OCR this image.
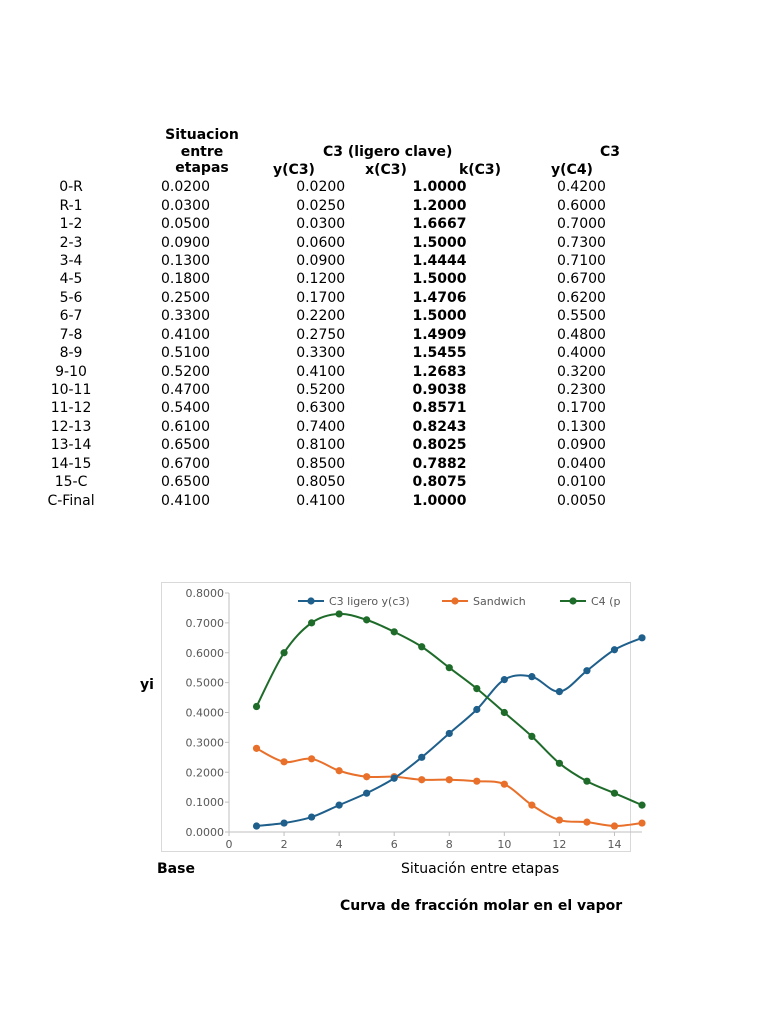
Situacion
entre
etapas
C3 (ligero clave)	C3
y(C3)	x(C3)	k(C3)	y(C4)
0-R	0.0200		0.0200		1.0000			0.4200
R-1	0.0300		0.0250		1.2000			0.6000
1-2	0.0500		0.0300		1.6667			0.7000
2-3	0.0900		0.0600		1.5000			0.7300
3-4	0.1300		0.0900		1.4444			0.7100
4-5	0.1800		0.1200		1.5000			0.6700
5-6	0.2500		0.1700		1.4706			0.6200
6-7	0.3300		0.2200		1.5000			0.5500
7-8	0.4100		0.2750		1.4909			0.4800
8-9	0.5100		0.3300		1.5455			0.4000
9-10	0.5200		0.4100		1.2683			0.3200
10-11	0.4700		0.5200		0.9038			0.2300
11-12	0.5400		0.6300		0.8571			0.1700
12-13	0.6100		0.7400		0.8243			0.1300
13-14	0.6500		0.8100		0.8025			0.0900
14-15	0.6700		0.8500		0.7882			0.0400
15-C	0.6500		0.8050		0.8075			0.0100
C-Final	0.4100		0.4100		1.0000			0.0050
0.0000
0.1000
0.2000
0.3000
0.4000
0.5000
0.6000
0.7000
0.8000
0	2	4	6	8	10	12	14
C3 ligero y(c3)	Sandwich	C4 (p
yi
Base	Situación entre etapas
Curva de fracción molar en el vapor
